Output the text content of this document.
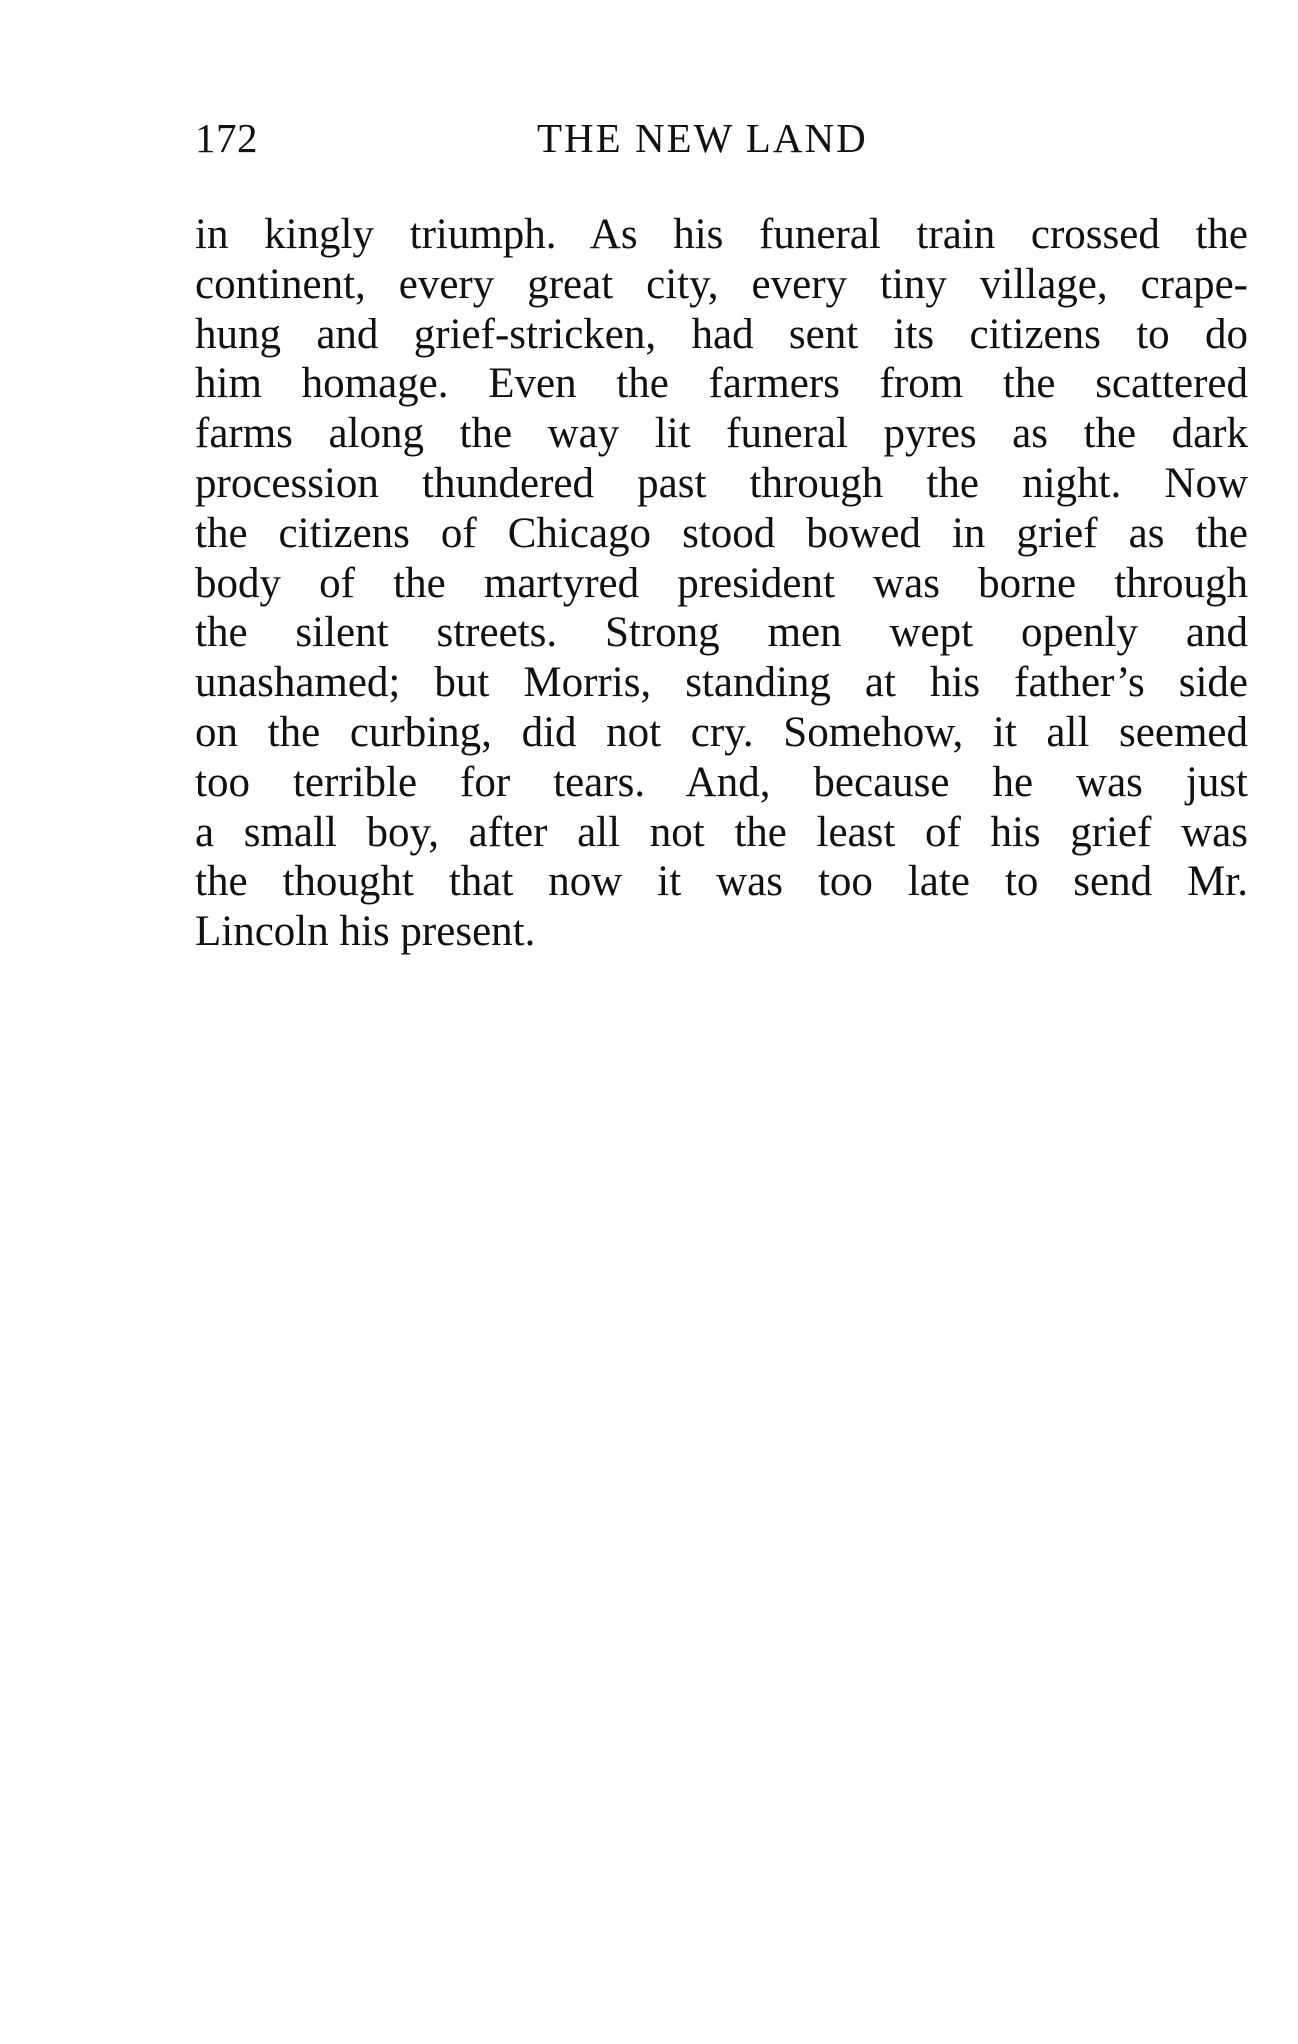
172	THE NEW LAND
in kingly triumph. As his funeral train crossed the
continent, every great city, every tiny village, crape-
hung and grief-stricken, had sent its citizens to do
him homage. Even the farmers from the scattered
farms along the way lit funeral pyres as the dark
procession thundered past through the night. Now
the citizens of Chicago stood bowed in grief as the
body of the martyred president was borne through
the silent streets. Strong men wept openly and
unashamed; but Morris, standing at his father’s side
on the curbing, did not cry. Somehow, it all seemed
too terrible for tears. And, because he was just
a small boy, after all not the least of his grief was
the thought that now it was too late to send Mr.
Lincoln his present.
